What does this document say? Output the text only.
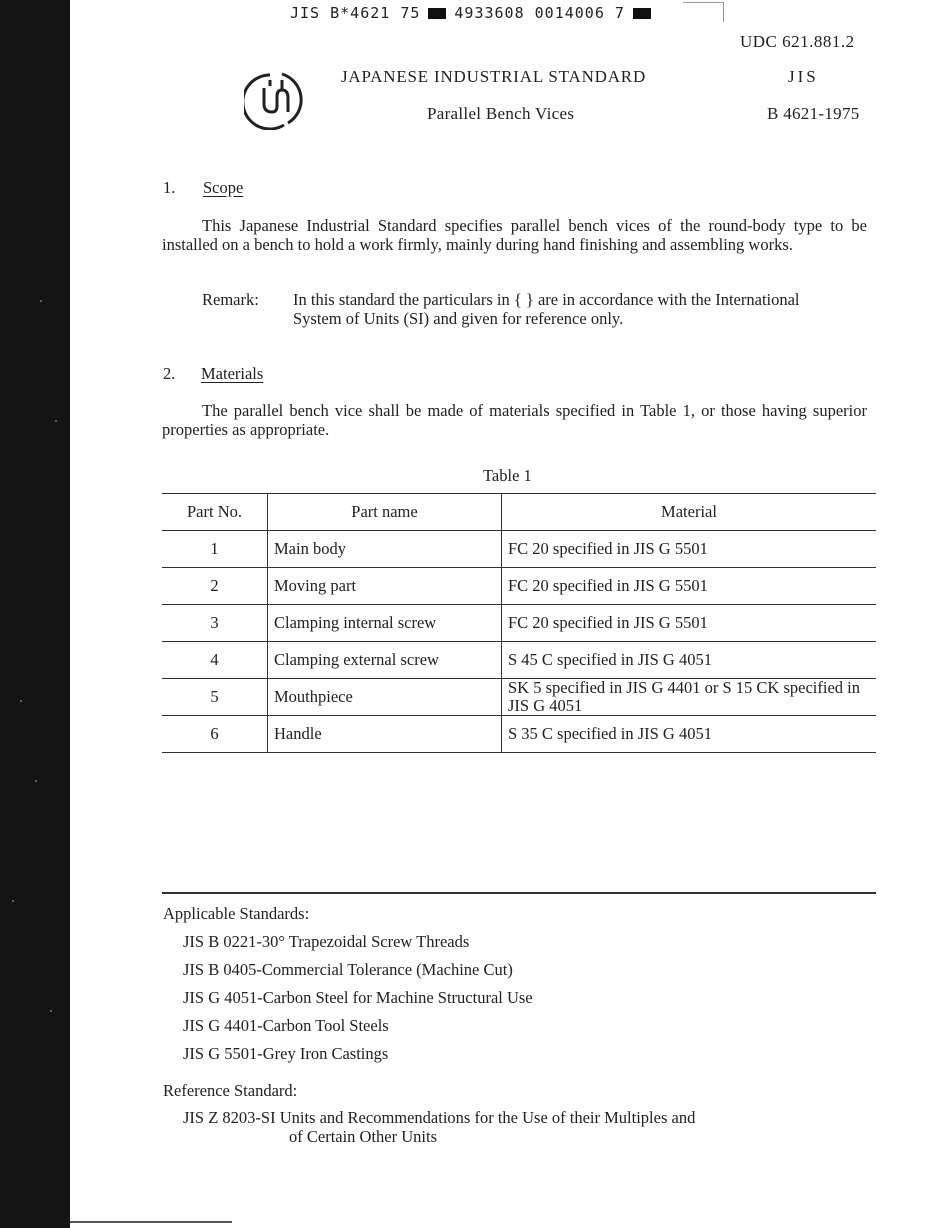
JIS B*4621 75 4933608 0014006 7
UDC 621.881.2
JAPANESE INDUSTRIAL STANDARD	JIS
Parallel Bench Vices	B 4621-1975
1. Scope

This Japanese Industrial Standard specifies parallel bench vices of the round-body type to be installed on a bench to hold a work firmly, mainly during hand finishing and assembling works.

Remark: In this standard the particulars in { } are in accordance with the International System of Units (SI) and given for reference only.
2. Materials

The parallel bench vice shall be made of materials specified in Table 1, or those having superior properties as appropriate.

Table 1
Part No.	Part name	Material
1	Main body	FC 20 specified in JIS G 5501
2	Moving part	FC 20 specified in JIS G 5501
3	Clamping internal screw	FC 20 specified in JIS G 5501
4	Clamping external screw	S 45 C specified in JIS G 4051
5	Mouthpiece	SK 5 specified in JIS G 4401 or S 15 CK specified in JIS G 4051
6	Handle	S 35 C specified in JIS G 4051
Applicable Standards:
JIS B 0221-30° Trapezoidal Screw Threads
JIS B 0405-Commercial Tolerance (Machine Cut)
JIS G 4051-Carbon Steel for Machine Structural Use
JIS G 4401-Carbon Tool Steels
JIS G 5501-Grey Iron Castings
Reference Standard:
JIS Z 8203-SI Units and Recommendations for the Use of their Multiples and
of Certain Other Units
